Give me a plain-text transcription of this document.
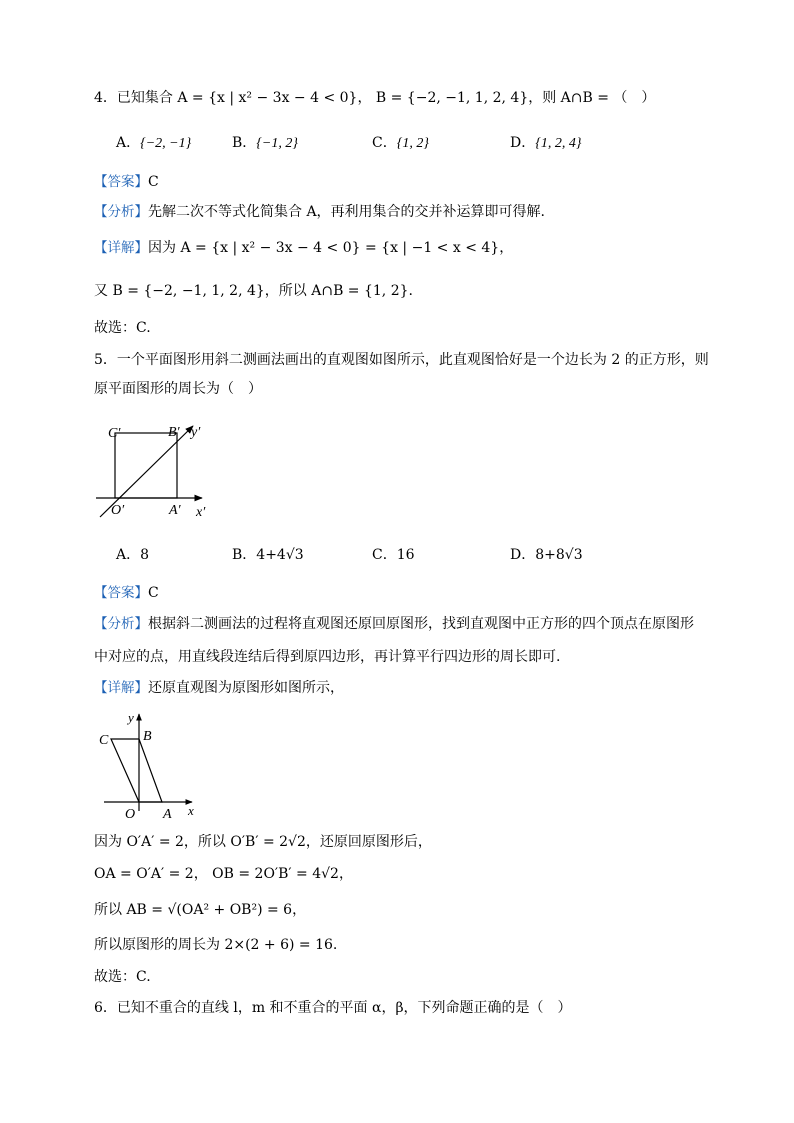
4．已知集合 A = {x | x² − 3x − 4 < 0}， B = {−2, −1, 1, 2, 4}，则 A∩B = （　）
A．{−2, −1}	B．{−1, 2}	C．{1, 2}	D．{1, 2, 4}
【答案】C
【分析】先解二次不等式化简集合 A，再利用集合的交并补运算即可得解.
【详解】因为 A = {x | x² − 3x − 4 < 0} = {x | −1 < x < 4}，
又 B = {−2, −1, 1, 2, 4}，所以 A∩B = {1, 2}.
故选：C.
5．一个平面图形用斜二测画法画出的直观图如图所示，此直观图恰好是一个边长为 2 的正方形，则
原平面图形的周长为（　）
C′	B′ y′
O′	A′ x′
A．8	B．4+4√3	C．16	D．8+8√3
【答案】C
【分析】根据斜二测画法的过程将直观图还原回原图形，找到直观图中正方形的四个顶点在原图形
中对应的点，用直线段连结后得到原四边形，再计算平行四边形的周长即可.
【详解】还原直观图为原图形如图所示，
y
C B
O A x
因为 O′A′ = 2，所以 O′B′ = 2√2，还原回原图形后，
OA = O′A′ = 2， OB = 2O′B′ = 4√2，
所以 AB = √(OA² + OB²) = 6，
所以原图形的周长为 2×(2 + 6) = 16.
故选：C.
6．已知不重合的直线 l，m 和不重合的平面 α，β，下列命题正确的是（　）
